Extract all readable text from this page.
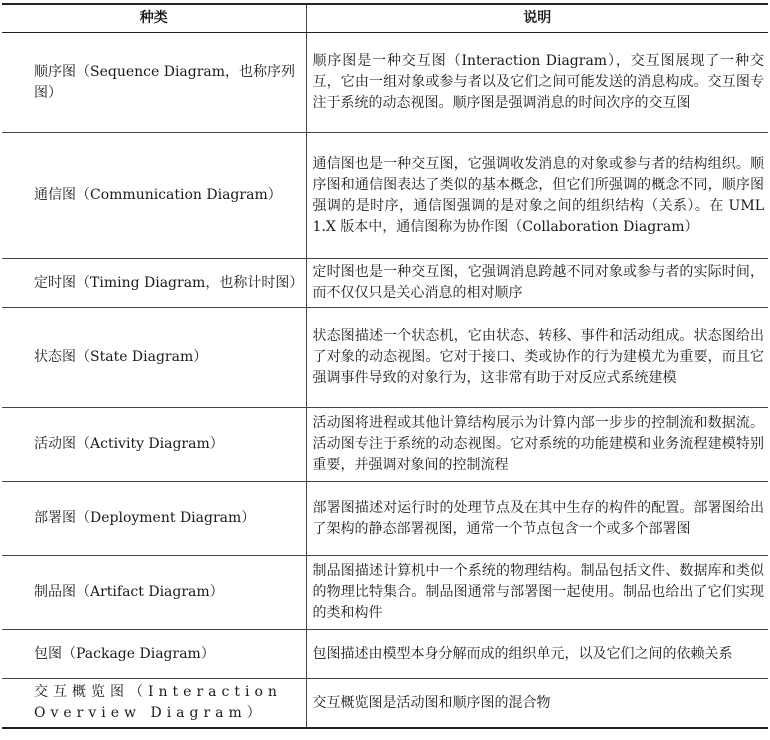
种类	说明
顺序图（Sequence Diagram，也称序列图）	顺序图是一种交互图（Interaction Diagram），交互图展现了一种交互，它由一组对象或参与者以及它们之间可能发送的消息构成。交互图专注于系统的动态视图。顺序图是强调消息的时间次序的交互图
通信图（Communication Diagram）	通信图也是一种交互图，它强调收发消息的对象或参与者的结构组织。顺序图和通信图表达了类似的基本概念，但它们所强调的概念不同，顺序图强调的是时序，通信图强调的是对象之间的组织结构（关系）。在 UML 1.X 版本中，通信图称为协作图（Collaboration Diagram）
定时图（Timing Diagram，也称计时图）	定时图也是一种交互图，它强调消息跨越不同对象或参与者的实际时间，而不仅仅只是关心消息的相对顺序
状态图（State Diagram）	状态图描述一个状态机，它由状态、转移、事件和活动组成。状态图给出了对象的动态视图。它对于接口、类或协作的行为建模尤为重要，而且它强调事件导致的对象行为，这非常有助于对反应式系统建模
活动图（Activity Diagram）	活动图将进程或其他计算结构展示为计算内部一步步的控制流和数据流。活动图专注于系统的动态视图。它对系统的功能建模和业务流程建模特别重要，并强调对象间的控制流程
部署图（Deployment Diagram）	部署图描述对运行时的处理节点及在其中生存的构件的配置。部署图给出了架构的静态部署视图，通常一个节点包含一个或多个部署图
制品图（Artifact Diagram）	制品图描述计算机中一个系统的物理结构。制品包括文件、数据库和类似的物理比特集合。制品图通常与部署图一起使用。制品也给出了它们实现的类和构件
包图（Package Diagram）	包图描述由模型本身分解而成的组织单元，以及它们之间的依赖关系
交互概览图（Interaction Overview Diagram）	交互概览图是活动图和顺序图的混合物
